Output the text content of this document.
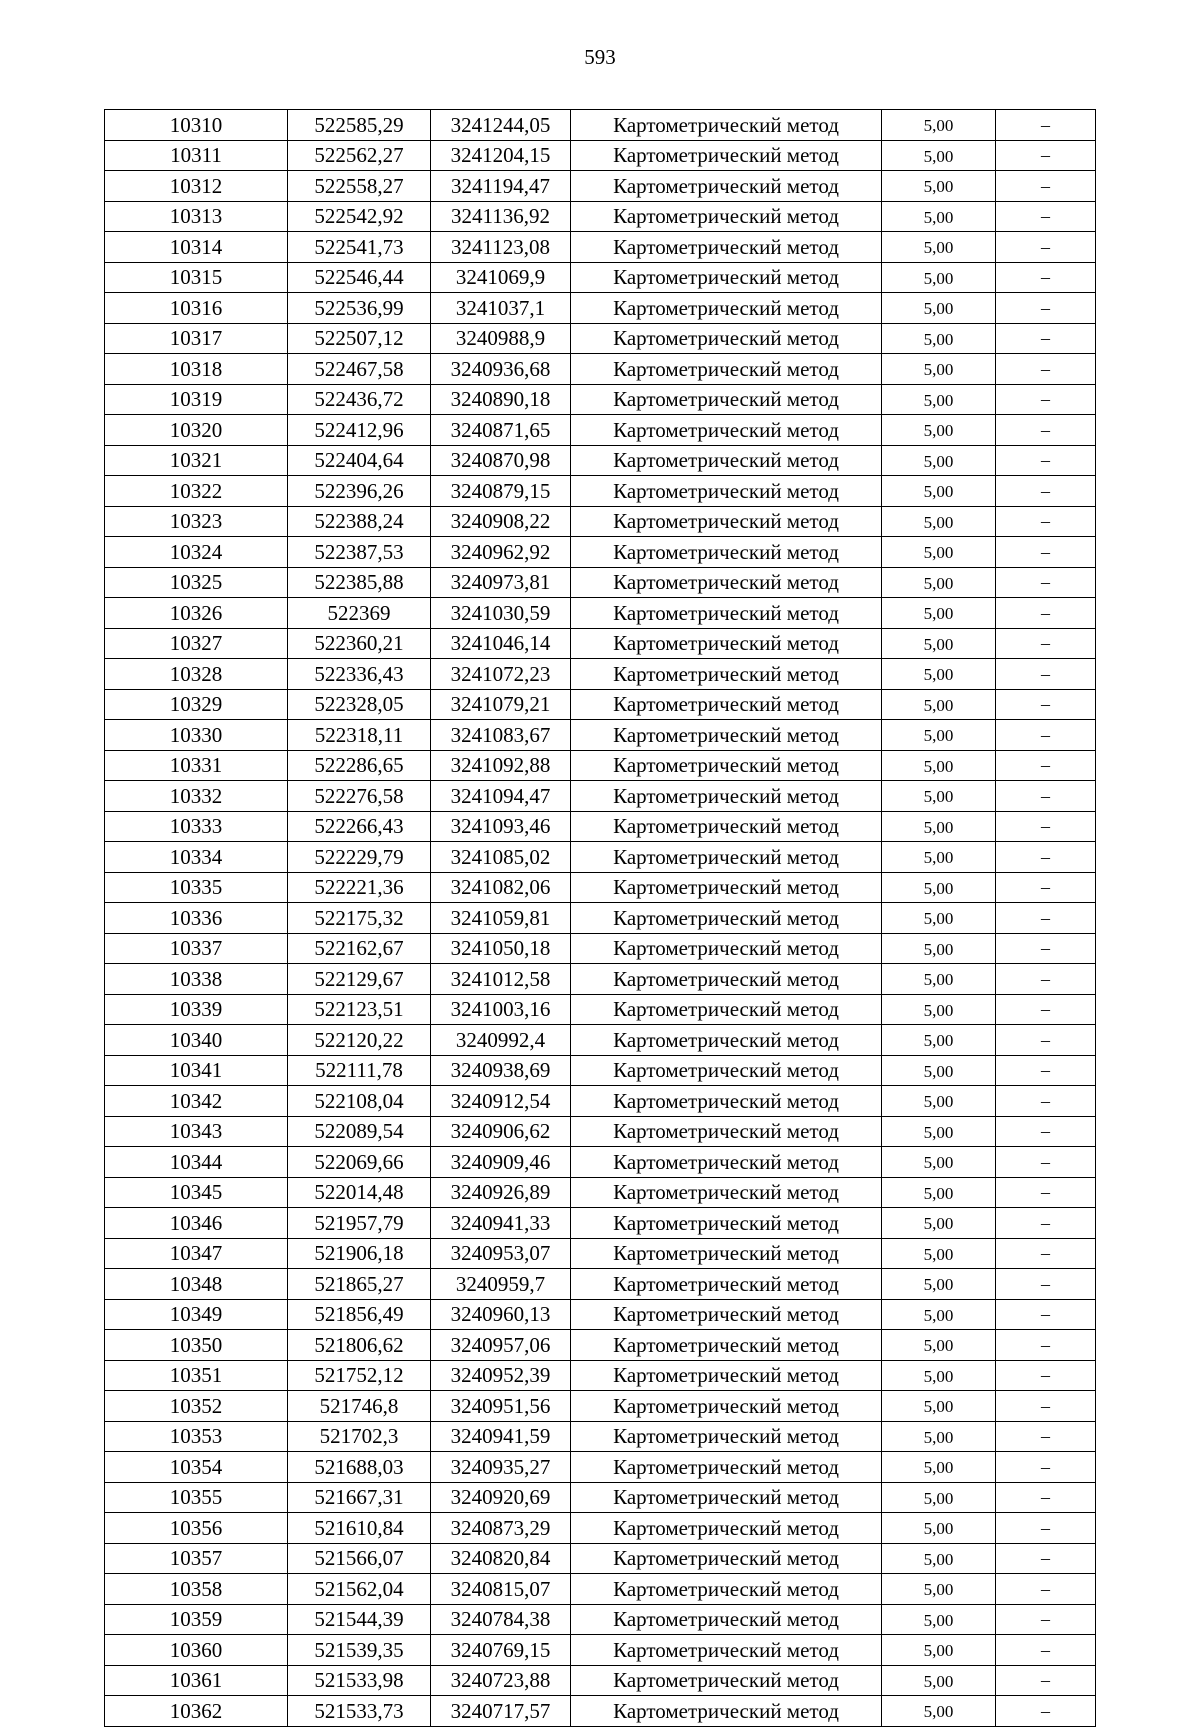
593
10310	522585,29	3241244,05	Картометрический метод	5,00	–
10311	522562,27	3241204,15	Картометрический метод	5,00	–
10312	522558,27	3241194,47	Картометрический метод	5,00	–
10313	522542,92	3241136,92	Картометрический метод	5,00	–
10314	522541,73	3241123,08	Картометрический метод	5,00	–
10315	522546,44	3241069,9	Картометрический метод	5,00	–
10316	522536,99	3241037,1	Картометрический метод	5,00	–
10317	522507,12	3240988,9	Картометрический метод	5,00	–
10318	522467,58	3240936,68	Картометрический метод	5,00	–
10319	522436,72	3240890,18	Картометрический метод	5,00	–
10320	522412,96	3240871,65	Картометрический метод	5,00	–
10321	522404,64	3240870,98	Картометрический метод	5,00	–
10322	522396,26	3240879,15	Картометрический метод	5,00	–
10323	522388,24	3240908,22	Картометрический метод	5,00	–
10324	522387,53	3240962,92	Картометрический метод	5,00	–
10325	522385,88	3240973,81	Картометрический метод	5,00	–
10326	522369	3241030,59	Картометрический метод	5,00	–
10327	522360,21	3241046,14	Картометрический метод	5,00	–
10328	522336,43	3241072,23	Картометрический метод	5,00	–
10329	522328,05	3241079,21	Картометрический метод	5,00	–
10330	522318,11	3241083,67	Картометрический метод	5,00	–
10331	522286,65	3241092,88	Картометрический метод	5,00	–
10332	522276,58	3241094,47	Картометрический метод	5,00	–
10333	522266,43	3241093,46	Картометрический метод	5,00	–
10334	522229,79	3241085,02	Картометрический метод	5,00	–
10335	522221,36	3241082,06	Картометрический метод	5,00	–
10336	522175,32	3241059,81	Картометрический метод	5,00	–
10337	522162,67	3241050,18	Картометрический метод	5,00	–
10338	522129,67	3241012,58	Картометрический метод	5,00	–
10339	522123,51	3241003,16	Картометрический метод	5,00	–
10340	522120,22	3240992,4	Картометрический метод	5,00	–
10341	522111,78	3240938,69	Картометрический метод	5,00	–
10342	522108,04	3240912,54	Картометрический метод	5,00	–
10343	522089,54	3240906,62	Картометрический метод	5,00	–
10344	522069,66	3240909,46	Картометрический метод	5,00	–
10345	522014,48	3240926,89	Картометрический метод	5,00	–
10346	521957,79	3240941,33	Картометрический метод	5,00	–
10347	521906,18	3240953,07	Картометрический метод	5,00	–
10348	521865,27	3240959,7	Картометрический метод	5,00	–
10349	521856,49	3240960,13	Картометрический метод	5,00	–
10350	521806,62	3240957,06	Картометрический метод	5,00	–
10351	521752,12	3240952,39	Картометрический метод	5,00	–
10352	521746,8	3240951,56	Картометрический метод	5,00	–
10353	521702,3	3240941,59	Картометрический метод	5,00	–
10354	521688,03	3240935,27	Картометрический метод	5,00	–
10355	521667,31	3240920,69	Картометрический метод	5,00	–
10356	521610,84	3240873,29	Картометрический метод	5,00	–
10357	521566,07	3240820,84	Картометрический метод	5,00	–
10358	521562,04	3240815,07	Картометрический метод	5,00	–
10359	521544,39	3240784,38	Картометрический метод	5,00	–
10360	521539,35	3240769,15	Картометрический метод	5,00	–
10361	521533,98	3240723,88	Картометрический метод	5,00	–
10362	521533,73	3240717,57	Картометрический метод	5,00	–
